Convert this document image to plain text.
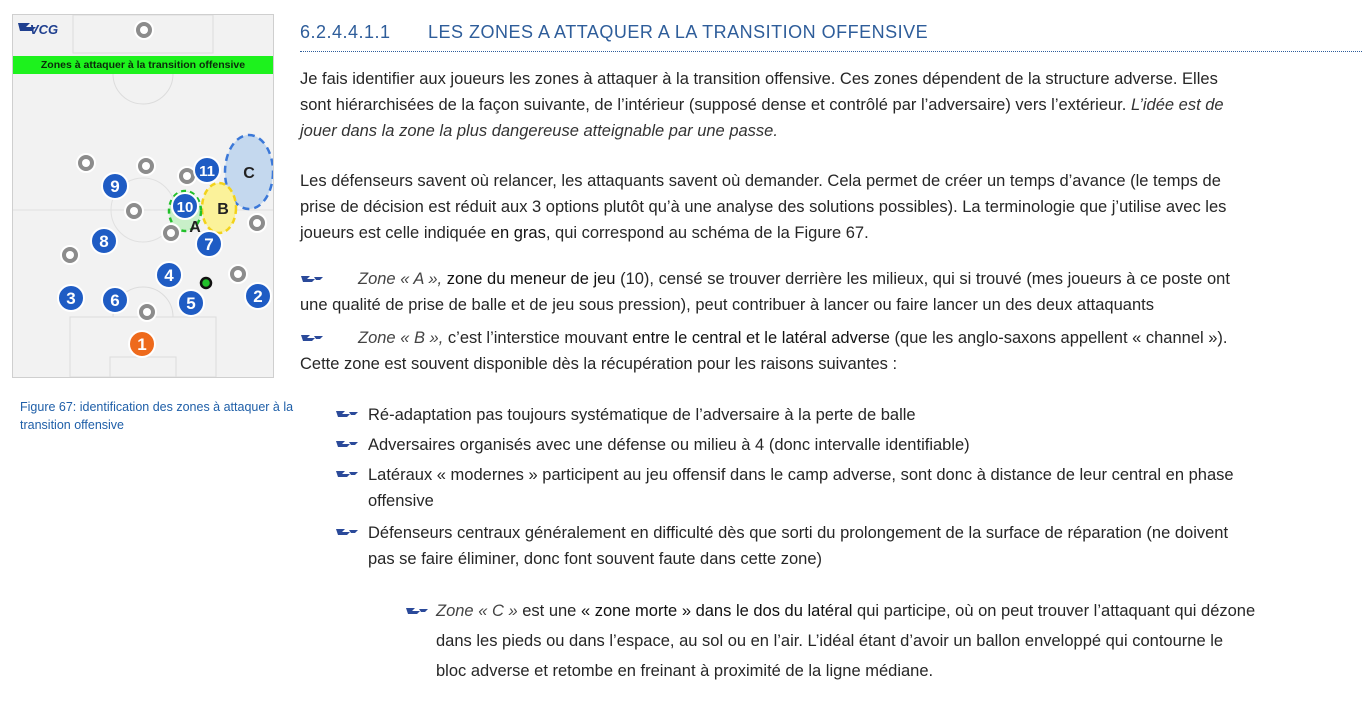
9
11
10
8	7
4
3 6	5	2
1
C
B
A
VCG
Zones à attaquer à la transition offensive
Figure 67: identification des zones à attaquer à la transition offensive
6.2.4.4.1.1 LES ZONES A ATTAQUER A LA TRANSITION OFFENSIVE
Je fais identifier aux joueurs les zones à attaquer à la transition offensive. Ces zones dépendent de la structure adverse. Elles
sont hiérarchisées de la façon suivante, de l’intérieur (supposé dense et contrôlé par l’adversaire) vers l’extérieur. L’idée est de
jouer dans la zone la plus dangereuse atteignable par une passe.
Les défenseurs savent où relancer, les attaquants savent où demander. Cela permet de créer un temps d’avance (le temps de
prise de décision est réduit aux 3 options plutôt qu’à une analyse des solutions possibles). La terminologie que j’utilise avec les
joueurs est celle indiquée en gras, qui correspond au schéma de la Figure 67.
Zone « A », zone du meneur de jeu (10), censé se trouver derrière les milieux, qui si trouvé (mes joueurs à ce poste ont
une qualité de prise de balle et de jeu sous pression), peut contribuer à lancer ou faire lancer un des deux attaquants
Zone « B », c’est l’interstice mouvant entre le central et le latéral adverse (que les anglo-saxons appellent « channel »).
Cette zone est souvent disponible dès la récupération pour les raisons suivantes :
Ré-adaptation pas toujours systématique de l’adversaire à la perte de balle
Adversaires organisés avec une défense ou milieu à 4 (donc intervalle identifiable)
Latéraux « modernes » participent au jeu offensif dans le camp adverse, sont donc à distance de leur central en phase
offensive
Défenseurs centraux généralement en difficulté dès que sorti du prolongement de la surface de réparation (ne doivent
pas se faire éliminer, donc font souvent faute dans cette zone)
Zone « C » est une « zone morte » dans le dos du latéral qui participe, où on peut trouver l’attaquant qui dézone
dans les pieds ou dans l’espace, au sol ou en l’air. L’idéal étant d’avoir un ballon enveloppé qui contourne le
bloc adverse et retombe en freinant à proximité de la ligne médiane.
